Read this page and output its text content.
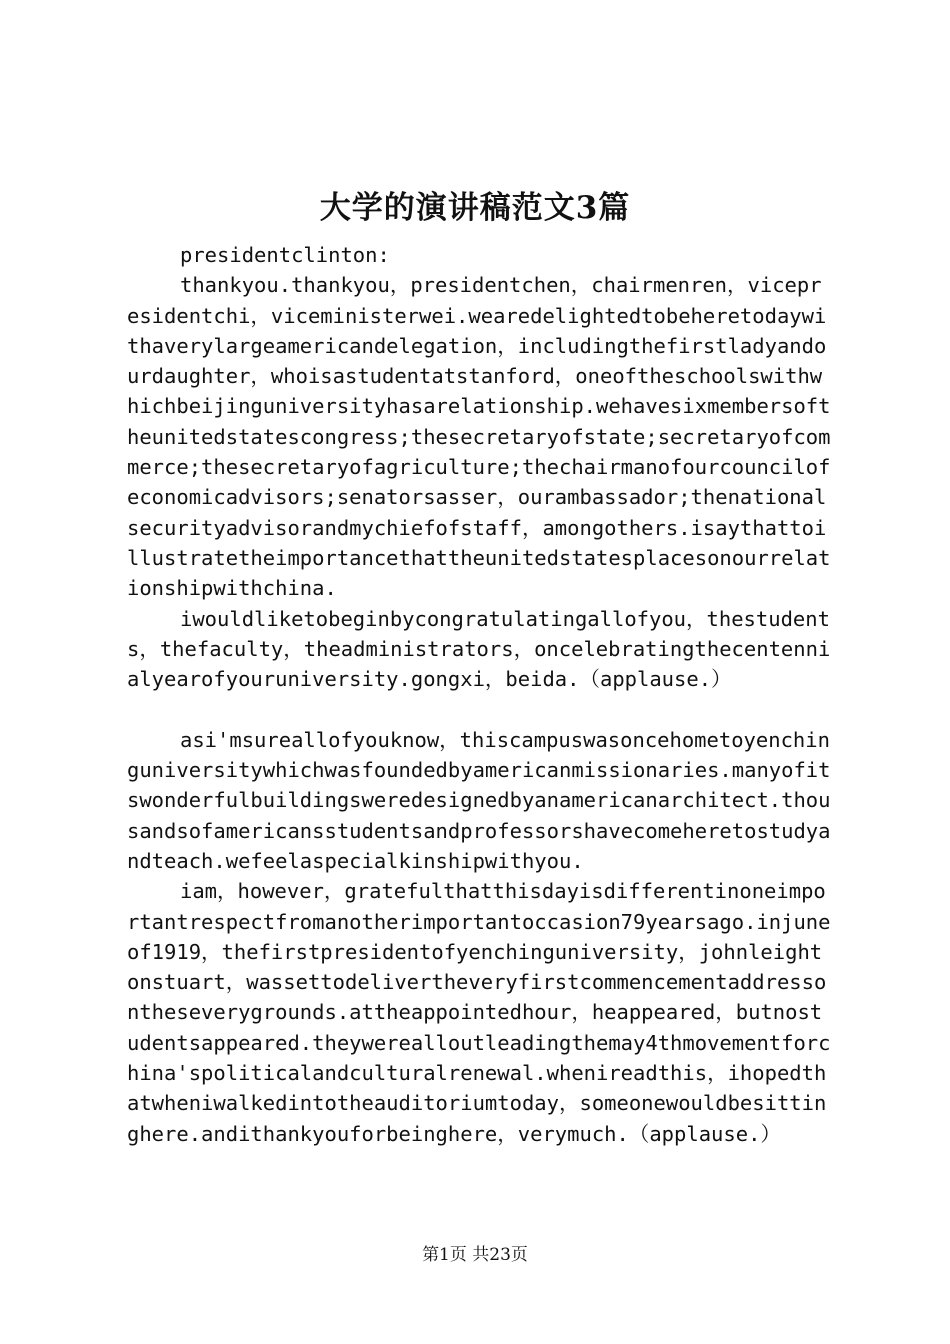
大学的演讲稿范文3篇

presidentclinton:

thankyou.thankyou，presidentchen，chairmenren，vicepresidentchi，viceministerwei.wearedelightedtobeheretodaywithaverylargeamericandelegation，includingthefirstladyandourdaughter，whoisastudentatstanford，oneoftheschoolswithwhichbeijinguniversityhasarelationship.wehavesixmembersoftheunitedstatescongress;thesecretaryofstate;secretaryofcommerce;thesecretaryofagriculture;thechairmanofourcouncilofeconomicadvisors;senatorsasser，ourambassador;thenationalsecurityadvisorandmychiefofstaff，amongothers.isaythattoillustratetheimportancethattheunitedstatesplacesonourrelationshipwithchina.

iwouldliketobeginbycongratulatingallofyou，thestudents，thefaculty，theadministrators，oncelebratingthecentennialyearofyouruniversity.gongxi，beida.（applause.）

asi'msureallofyouknow，thiscampuswasoncehometoyenchinguniversitywhichwasfoundedbyamericanmissionaries.manyofitswonderfulbuildingsweredesignedbyanamericanarchitect.thousandsofamericansstudentsandprofessorshavecomeheretostudyandteach.wefeelaspecialkinshipwithyou.

iam，however，gratefulthatthisdayisdifferentinoneimportantrespectfromanotherimportantoccasion79yearsago.injuneof1919，thefirstpresidentofyenchinguniversity，johnleightonstuart，wassettodelivertheveryfirstcommencementaddressontheseverygrounds.attheappointedhour，heappeared，butnostudentsappeared.theywerealloutleadingthemay4thmovementforchina'spoliticalandculturalrenewal.whenireadthis，ihopedthatwheniwalkedintotheauditoriumtoday，someonewouldbesittinghere.andithankyouforbeinghere，verymuch.（applause.）

第1页 共23页
